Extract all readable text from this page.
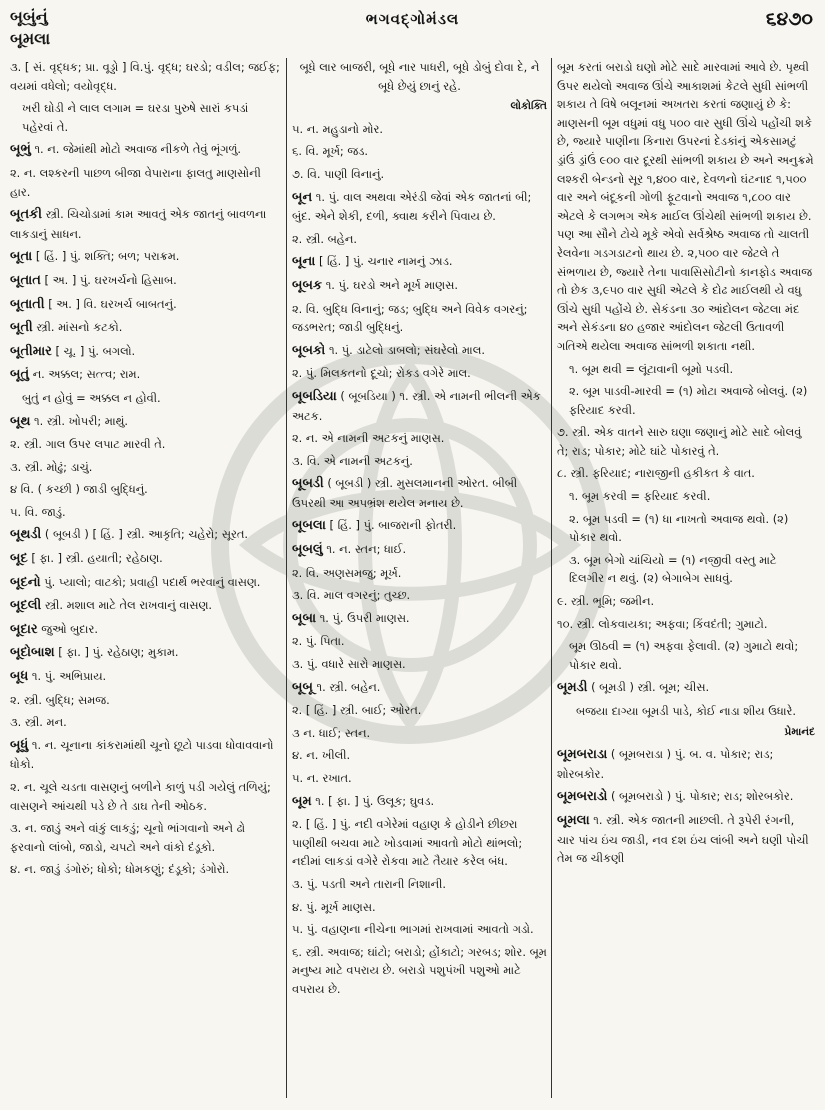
બૂબુંનું
બૂમલા
ભગવદ્ગોમંડલ	૬૪૭૦
૩. [ સં. વૃદ્ધક; પ્રા. વૂડ્ડો ] વિ.પું. વૃદ્ધ; ઘરડો; વડીલ; જઈફ; વયમાં વધેલો; વયોવૃદ્ધ.
ખરી ઘોડી ને લાલ લગામ = ઘરડા પુરુષે સારાં કપડાં પહેરવાં તે.
બૂભું ૧. ન. જેમાંથી મોટો અવાજ નીકળે તેવું ભૂંગળું.
૨. ન. લશ્કરની પાછળ બીજા વેપારાના ફાલતુ માણસોની હાર.
બૂતકી સ્ત્રી. ચિચોડામાં કામ આવતું એક જાતનું બાવળના લાકડાનું સાધન.
બૂતા [ હિં. ] પું. શક્તિ; બળ; પરાક્રમ.
બૂતાત [ અ. ] પું. ઘરખર્ચનો હિસાબ.
બૂતાતી [ અ. ] વિ. ઘરખર્ચ બાબતનું.
બૂતી સ્ત્રી. માંસનો કટકો.
બૂતીમાર [ ચૂ. ] પું. બગલો.
બૂતું ન. અક્કલ; સત્ત્વ; રામ.
બુતું ન હોવું = અક્કલ ન હોવી.
બૂથ ૧. સ્ત્રી. ખોપરી; માથું.
૨. સ્ત્રી. ગાલ ઉપર લપાટ મારવી તે.
૩. સ્ત્રી. મોઢું; ડાચું.
૪ વિ. ( કચ્છી ) જાડી બુદ્ધિનું.
૫. વિ. જાડું.
બૂથડી ( બૂબડી ) [ હિં. ] સ્ત્રી. આકૃતિ; ચહેરો; સૂરત.
બૂદ [ ફા. ] સ્ત્રી. હયાતી; રહેઠાણ.
બૂદનો પું. પ્યાલો; વાટકો; પ્રવાહી પદાર્થ ભરવાનું વાસણ.
બૂદલી સ્ત્રી. મશાલ માટે તેલ રાખવાનું વાસણ.
બૂદાર જુઓ બુદાર.
બૂદોબાશ [ ફા. ] પું. રહેઠાણ; મુકામ.
બૂધ ૧. પું. અભિપ્રાય.
૨. સ્ત્રી. બુદ્ધિ; સમજ.
૩. સ્ત્રી. મન.
બૂધું ૧. ન. ચૂનાના કાંકરામાંથી ચૂનો છૂટો પાડવા ધોવાવવાનો ધોકો.
૨. ન. ચૂલે ચડતા વાસણનું બળીને કાળું પડી ગયેલું તળિયું; વાસણને આંચથી પડે છે તે ડાઘ તેની ઓઠક.
૩. ન. જાડું અને વાંકું લાકડું; ચૂનો ભાંગવાનો અને ઢો ફરવાનો લાંબો, જાડો, ચપટો અને વાંકો દંડૂકો.
૪. ન. જાડું ડંગોરું; ધોકો; ધોમકણું; દંડૂકો; ડંગોરો.
બૂધે લાર બાજરી, બૂધે નાર પાધરી, બૂધે ડોબું દોવા દે, ને બૂધે છેયું છાનું રહે.
લોકોક્તિ
૫. ન. મહુડાનો મોર.
૬. વિ. મૂર્ખ; જડ.
૭. વિ. પાણી વિનાનું.
બૂન ૧. પું. વાલ અથવા એરંડી જેવાં એક જાતનાં બી; બુંદ. એને શેકી, દળી, ક્વાથ કરીને પિવાય છે.
૨. સ્ત્રી. બહેન.
બૂના [ હિં. ] પું. ચનાર નામનું ઝાડ.
બૂબક ૧. પું. ઘરડો અને મૂર્ખ માણસ.
૨. વિ. બુદ્ધિ વિનાનું; જડ; બુદ્ધિ અને વિવેક વગરનું; જડભરત; જાડી બુદ્ધિનું.
બૂબકો ૧. પું. ડાટેલો ડાબલો; સંઘરેલો માલ.
૨. પું. મિલકતનો દૂચો; રોકડ વગેરે માલ.
બૂબડિયા ( બૂબડિયા ) ૧. સ્ત્રી. એ નામની ભીલની એક અટક.
૨. ન. એ નામની અટકનું માણસ.
૩. વિ. એ નામની અટકનું.
બૂબડી ( બૂબડી ) સ્ત્રી. મુસલમાનની ઓરત. બીબી ઉપરથી આ અપભ્રંશ થયેલ મનાય છે.
બૂબલા [ હિં. ] પું. બાજરાની ફોતરી.
બૂબલું ૧. ન. સ્તન; ધાઈ.
૨. વિ. અણસમજુ; મૂર્ખ.
૩. વિ. માલ વગરનું; તુચ્છ.
બૂબા ૧. પું. ઉપરી માણસ.
૨. પું. પિતા.
૩. પું. વધારે સારો માણસ.
બૂબૂ ૧. સ્ત્રી. બહેન.
૨. [ હિં. ] સ્ત્રી. બાઈ; ઓરત.
૩ ન. ધાઈ; સ્તન.
૪. ન. ખીલી.
૫. ન. રખાત.
બૂમ ૧. [ ફા. ] પું. ઉલૂક; ઘુવડ.
૨. [ હિં. ] પું. નદી વગેરેમાં વહાણ કે હોડીને છીછરા પાણીથી બચવા માટે ખોડવામાં આવતો મોટો થાંભલો; નદીમાં લાકડાં વગેરે રોકવા માટે તૈયાર કરેલ બંધ.
૩. પું. પડતી અને તારાની નિશાની.
૪. પું. મૂર્ખ માણસ.
૫. પું. વહાણના નીચેના ભાગમાં રાખવામાં આવતો ગડો.
૬. સ્ત્રી. અવાજ; ઘાંટો; બરાડો; હોંકાટો; ગરબડ; શોર. બૂમ મનુષ્ય માટે વપરાય છે. બરાડો પશુપંખી પશુઓ માટે વપરાય છે.
બૂમ કરતાં બરાડો ઘણો મોટે સાદે મારવામાં આવે છે. પૃથ્વી ઉપર થયેલો અવાજ ઊંચે આકાશમાં કેટલે સુધી સાંભળી શકાય તે વિષે બલૂનમાં અખતરા કરતાં જણાયું છે કે: માણસની બૂમ વધુમાં વધુ ૫૦૦ વાર સુધી ઊંચે પહોંચી શકે છે, જ્યારે પાણીના કિનારા ઉપરનાં દેડકાંનું એકસામટું ડ્રાંઉં ડ્રાંઉં ૯૦૦ વાર દૂરથી સાંભળી શકાય છે અને અનુક્રમે લશ્કરી બેન્ડનો સૂર ૧,૪૦૦ વાર, દેવળનો ઘંટનાદ ૧,૫૦૦ વાર અને બંદૂકની ગોળી ફૂટવાનો અવાજ ૧,૮૦૦ વાર એટલે કે લગભગ એક માઈલ ઊંચેથી સાંભળી શકાય છે. પણ આ સૌને ટોચે મૂકે એવો સર્વશ્રેષ્ઠ અવાજ તો ચાલતી રેલવેના ગડગડાટનો થાય છે. ૨,૫૦૦ વાર જેટલે તે સંભળાય છે, જ્યારે તેના પાવાસિસોટીનો કાનફોડ અવાજ તો છેક ૩,૯૫૦ વાર સુધી એટલે કે દોઢ માઈલથી યે વધુ ઊંચે સુધી પહોંચે છે. સેકંડના ૩૦ આંદોલન જેટલા મંદ અને સેકંડના ૪૦ હજાર આંદોલન જેટલી ઉતાવળી ગતિએ થયેલા અવાજ સાંભળી શકાતા નથી.
૧. બૂમ થવી = લૂંટાવાની બૂમો પડવી.
૨. બૂમ પાડવી-મારવી = (૧) મોટા અવાજે બોલવું. (૨) ફરિયાદ કરવી.
૭. સ્ત્રી. એક વાતને સારુ ઘણા જણાનું મોટે સાદે બોલવું તે; રાડ; પોકાર; મોટે ઘાંટે પોકારવું તે.
૮. સ્ત્રી. ફરિયાદ; નારાજીની હકીકત કે વાત.
૧. બૂમ કરવી = ફરિયાદ કરવી.
૨. બૂમ પડવી = (૧) ધા નાખતો અવાજ થવો. (૨) પોકાર થવો.
૩. બૂમ બેગો ચાંચિયો = (૧) નજીવી વસ્તુ માટે દિલગીર ન થવું. (૨) બેગાબેગ સાધવું.
૯. સ્ત્રી. ભૂમિ; જમીન.
૧૦. સ્ત્રી. લોકવાયકા; અફવા; કિંવદંતી; ગુમાટો.
બૂમ ઊઠવી = (૧) અફવા ફેલાવી. (૨) ગુમાટો થવો; પોકાર થવો.
બૂમડી ( બૂમડી ) સ્ત્રી. બૂમ; ચીસ.
બજયા દાગ્યા બૂમડી પાડે, કોઈ નાડા શીય ઉધારે.
પ્રેમાનંદ
બૂમબરાડા ( બૂમબરાડા ) પું. બ. વ. પોકાર; રાડ; શોરબકોર.
બૂમબરાડો ( બૂમબરાડો ) પું. પોકાર; રાડ; શોરબકોર.
બૂમલા ૧. સ્ત્રી. એક જાતની માછલી. તે રૂપેરી રંગની, ચાર પાંચ ઇંચ જાડી, નવ દશ ઇંચ લાંબી અને ઘણી પોચી તેમ જ ચીકણી
